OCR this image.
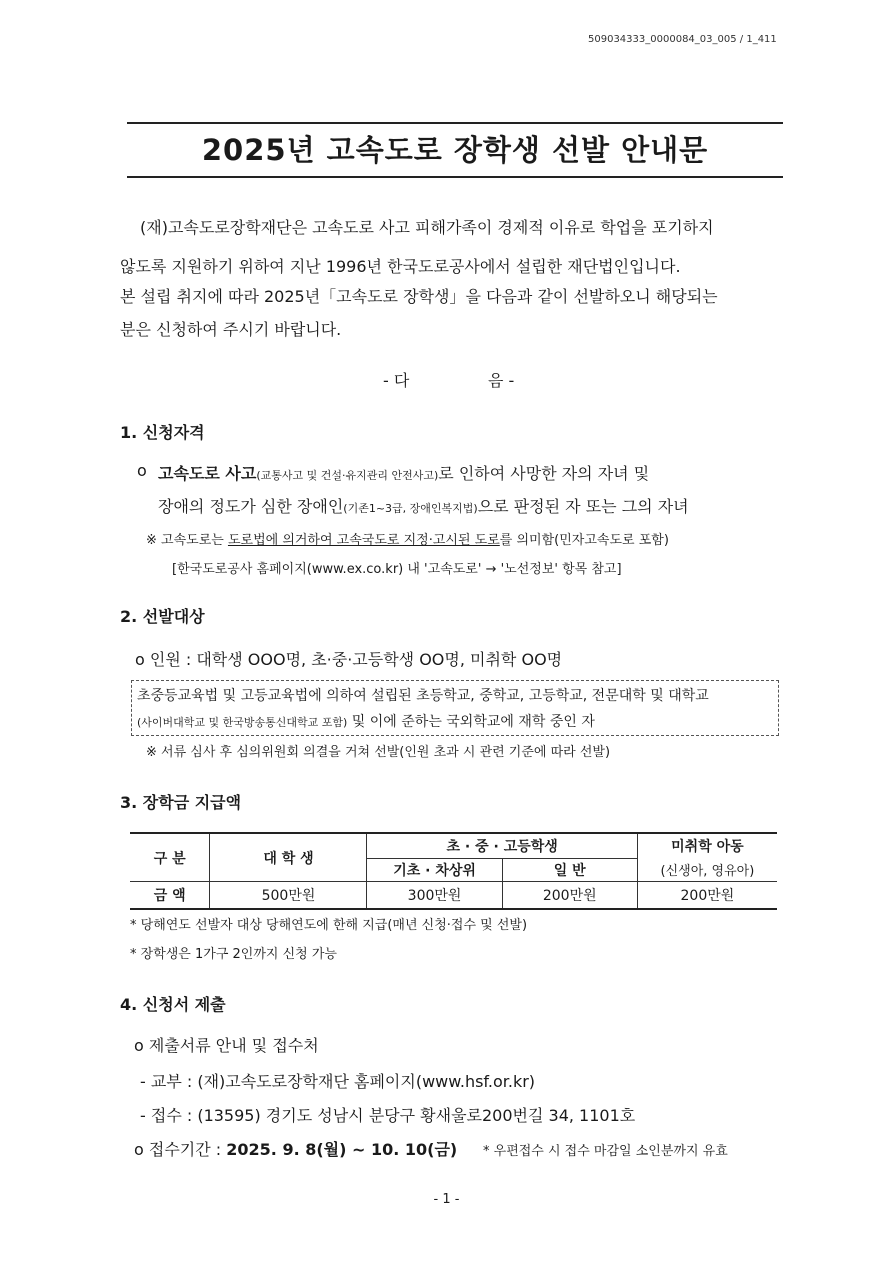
509034333_0000084_03_005 / 1_411
2025년 고속도로 장학생 선발 안내문
(재)고속도로장학재단은 고속도로 사고 피해가족이 경제적 이유로 학업을 포기하지
않도록 지원하기 위하여 지난 1996년 한국도로공사에서 설립한 재단법인입니다.
본 설립 취지에 따라 2025년「고속도로 장학생」을 다음과 같이 선발하오니 해당되는
분은 신청하여 주시기 바랍니다.
- 다	음 -
1. 신청자격
o 고속도로 사고(교통사고 및 건설·유지관리 안전사고)로 인하여 사망한 자의 자녀 및
장애의 정도가 심한 장애인(기존1~3급, 장애인복지법)으로 판정된 자 또는 그의 자녀
※ 고속도로는 도로법에 의거하여 고속국도로 지정·고시된 도로를 의미함(민자고속도로 포함)
[한국도로공사 홈페이지(www.ex.co.kr) 내 '고속도로' → '노선정보' 항목 참고]
2. 선발대상
o 인원 : 대학생 OOO명, 초·중·고등학생 OO명, 미취학 OO명
초중등교육법 및 고등교육법에 의하여 설립된 초등학교, 중학교, 고등학교, 전문대학 및 대학교
(사이버대학교 및 한국방송통신대학교 포함) 및 이에 준하는 국외학교에 재학 중인 자
※ 서류 심사 후 심의위원회 의결을 거쳐 선발(인원 초과 시 관련 기준에 따라 선발)
3. 장학금 지급액
구 분	대 학 생	초 · 중 · 고등학생		미취학 아동
		기초 · 차상위	일 반	(신생아, 영유아)
금 액	500만원	300만원	200만원	200만원
* 당해연도 선발자 대상 당해연도에 한해 지급(매년 신청·접수 및 선발)
* 장학생은 1가구 2인까지 신청 가능
4. 신청서 제출
o 제출서류 안내 및 접수처
- 교부 : (재)고속도로장학재단 홈페이지(www.hsf.or.kr)
- 접수 : (13595) 경기도 성남시 분당구 황새울로200번길 34, 1101호
o 접수기간 : 2025. 9. 8(월) ~ 10. 10(금) * 우편접수 시 접수 마감일 소인분까지 유효
- 1 -
